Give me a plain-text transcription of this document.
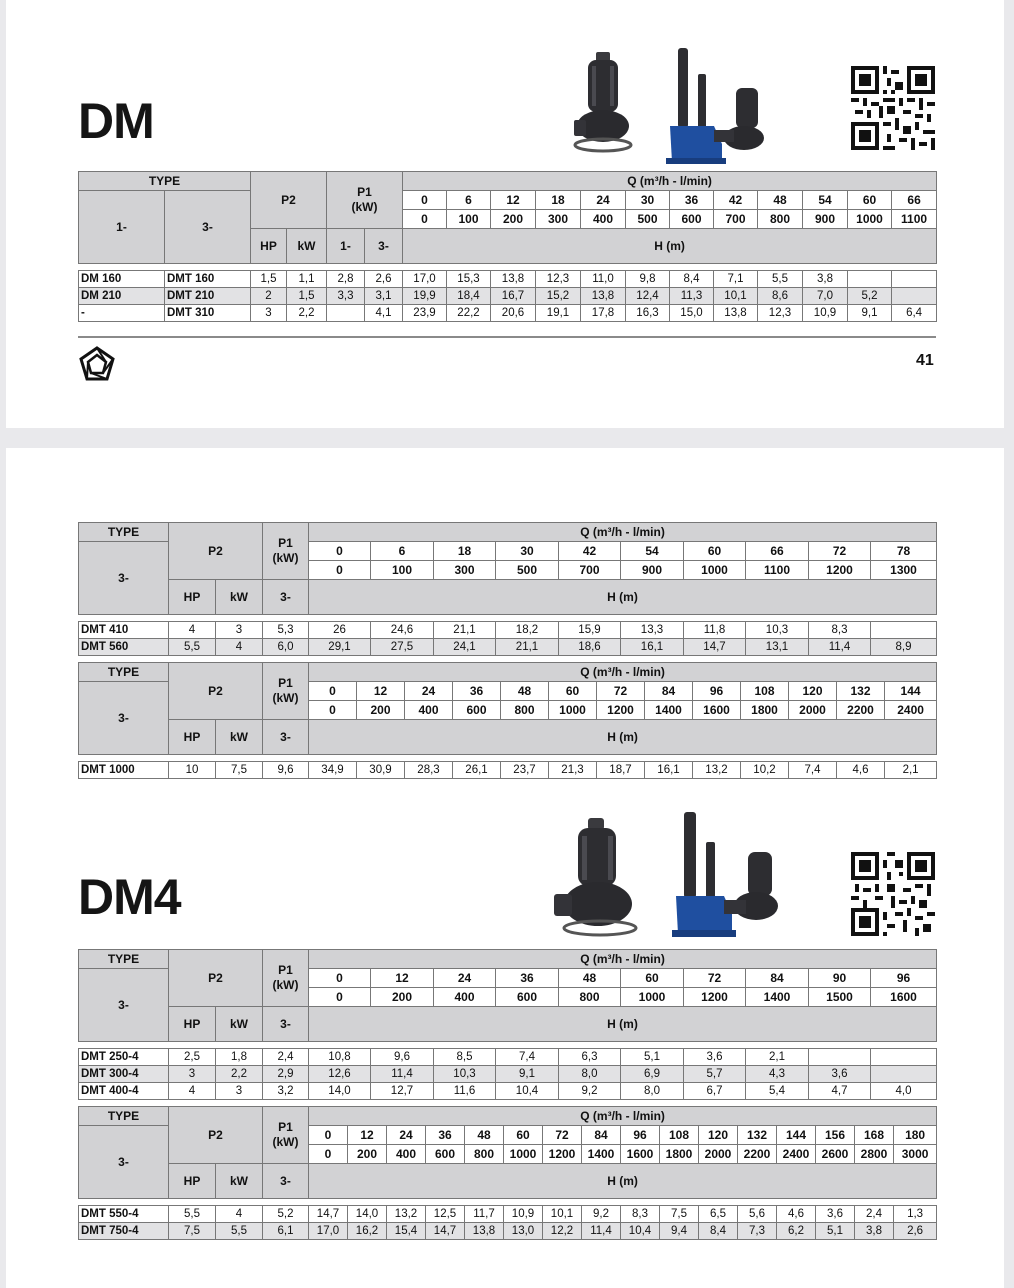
DM
TYPE		P2		P1
(kW)		Q (m³/h - l/min)											
1-	3-					0	6	12	18	24	30	36	42	48	54	60	66
						0	100	200	300	400	500	600	700	800	900	1000	1100
		HP	kW	1-	3-	H (m)											

DM 160	DMT 160	1,5	1,1	2,8	2,6	17,0	15,3	13,8	12,3	11,0	9,8	8,4	7,1	5,5	3,8		
DM 210	DMT 210	2	1,5	3,3	3,1	19,9	18,4	16,7	15,2	13,8	12,4	11,3	10,1	8,6	7,0	5,2	
-	DMT 310	3	2,2		4,1	23,9	22,2	20,6	19,1	17,8	16,3	15,0	13,8	12,3	10,9	9,1	6,4
41
TYPE	P2		P1
(kW)	Q (m³/h - l/min)									
3-				0	6	18	30	42	54	60	66	72	78
				0	100	300	500	700	900	1000	1100	1200	1300
	HP	kW	3-	H (m)									

DMT 410	4	3	5,3	26	24,6	21,1	18,2	15,9	13,3	11,8	10,3	8,3	
DMT 560	5,5	4	6,0	29,1	27,5	24,1	21,1	18,6	16,1	14,7	13,1	11,4	8,9
TYPE	P2		P1
(kW)	Q (m³/h - l/min)												
3-				0	12	24	36	48	60	72	84	96	108	120	132	144
				0	200	400	600	800	1000	1200	1400	1600	1800	2000	2200	2400
	HP	kW	3-	H (m)												

DMT 1000	10	7,5	9,6	34,9	30,9	28,3	26,1	23,7	21,3	18,7	16,1	13,2	10,2	7,4	4,6	2,1
DM4
TYPE	P2		P1
(kW)	Q (m³/h - l/min)									
3-				0	12	24	36	48	60	72	84	90	96
				0	200	400	600	800	1000	1200	1400	1500	1600
	HP	kW	3-	H (m)									

DMT 250-4	2,5	1,8	2,4	10,8	9,6	8,5	7,4	6,3	5,1	3,6	2,1		
DMT 300-4	3	2,2	2,9	12,6	11,4	10,3	9,1	8,0	6,9	5,7	4,3	3,6	
DMT 400-4	4	3	3,2	14,0	12,7	11,6	10,4	9,2	8,0	6,7	5,4	4,7	4,0
TYPE	P2		P1
(kW)	Q (m³/h - l/min)															
3-				0	12	24	36	48	60	72	84	96	108	120	132	144	156	168	180
				0	200	400	600	800	1000	1200	1400	1600	1800	2000	2200	2400	2600	2800	3000
	HP	kW	3-	H (m)															

DMT 550-4	5,5	4	5,2	14,7	14,0	13,2	12,5	11,7	10,9	10,1	9,2	8,3	7,5	6,5	5,6	4,6	3,6	2,4	1,3
DMT 750-4	7,5	5,5	6,1	17,0	16,2	15,4	14,7	13,8	13,0	12,2	11,4	10,4	9,4	8,4	7,3	6,2	5,1	3,8	2,6
